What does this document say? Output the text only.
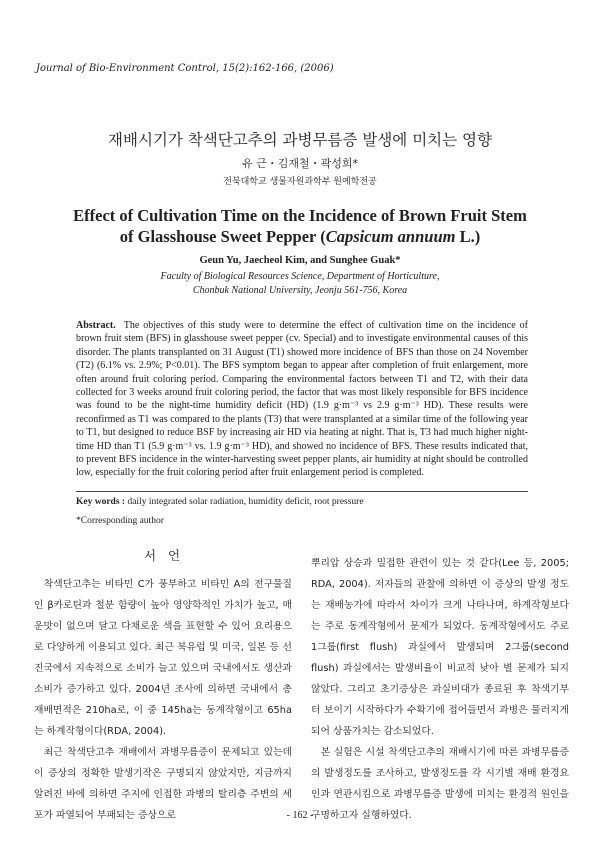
Journal of Bio-Environment Control, 15(2):162-166, (2006)
재배시기가 착색단고추의 과병무름증 발생에 미치는 영향
유 근・김재철・곽성희*
전북대학교 생물자원과학부 원예학전공
Effect of Cultivation Time on the Incidence of Brown Fruit Stem
of Glasshouse Sweet Pepper (Capsicum annuum L.)
Geun Yu, Jaecheol Kim, and Sunghee Guak*
Faculty of Biological Resources Science, Department of Horticulture,
Chonbuk National University, Jeonju 561-756, Korea
Abstract. The objectives of this study were to determine the effect of cultivation time on the incidence of brown fruit stem (BFS) in glasshouse sweet pepper (cv. Special) and to investigate environmental causes of this disorder. The plants transplanted on 31 August (T1) showed more incidence of BFS than those on 24 November (T2) (6.1% vs. 2.9%; P<0.01). The BFS symptom began to appear after completion of fruit enlargement, more often around fruit coloring period. Comparing the environmental factors between T1 and T2, with their data collected for 3 weeks around fruit coloring period, the factor that was most likely responsible for BFS incidence was found to be the night-time humidity deficit (HD) (1.9 g·m⁻³ vs 2.9 g·m⁻³ HD). These results were reconfirmed as T1 was compared to the plants (T3) that were transplanted at a similar time of the following year to T1, but designed to reduce BSF by increasing air HD via heating at night. That is, T3 had much higher night-time HD than T1 (5.9 g·m⁻³ vs. 1.9 g·m⁻³ HD), and showed no incidence of BFS. These results indicated that, to prevent BFS incidence in the winter-harvesting sweet pepper plants, air humidity at night should be controlled low, especially for the fruit coloring period after fruit enlargement period is completed.
Key words : daily integrated solar radiation, humidity deficit, root pressure
*Corresponding author
서   언

착색단고추는 비타민 C가 풍부하고 비타민 A의 전구물질인 β카로틴과 철분 함량이 높아 영양학적인 가치가 높고, 매운맛이 없으며 달고 다채로운 색을 표현할 수 있어 요리용으로 다양하게 이용되고 있다. 최근 북유럽 및 미국, 일본 등 선진국에서 지속적으로 소비가 늘고 있으며 국내에서도 생산과 소비가 증가하고 있다. 2004년 조사에 의하면 국내에서 총 재배면적은 210ha로, 이 중 145ha는 동계작형이고 65ha는 하계작형이다(RDA, 2004).

최근 착색단고추 재배에서 과병무름증이 문제되고 있는데 이 증상의 정확한 발생기작은 구명되지 않았지만, 지금까지 알려진 바에 의하면 주지에 인접한 과병의 탈리층 주변의 세포가 파열되어 부패되는 증상으로

뿌리압 상승과 밀접한 관련이 있는 것 같다(Lee 등, 2005; RDA, 2004). 저자들의 관찰에 의하면 이 증상의 발생 정도는 재배농가에 따라서 차이가 크게 나타나며, 하계작형보다는 주로 동계작형에서 문제가 되었다. 동계작형에서도 주로 1그룹(first flush) 과실에서 발생되며 2그룹(second flush) 과실에서는 발생비율이 비교적 낮아 별 문제가 되지 않았다. 그리고 초기증상은 과실비대가 종료된 후 착색기부터 보이기 시작하다가 수확기에 접어들면서 과병은 물러지게 되어 상품가치는 감소되었다.

본 실험은 시설 착색단고추의 재배시기에 따른 과병무름증의 발생정도를 조사하고, 발생정도를 각 시기별 재배 환경요인과 연관시킴으로 과병무름증 발생에 미치는 환경적 원인을 구명하고자 실행하였다.

- 162 -
